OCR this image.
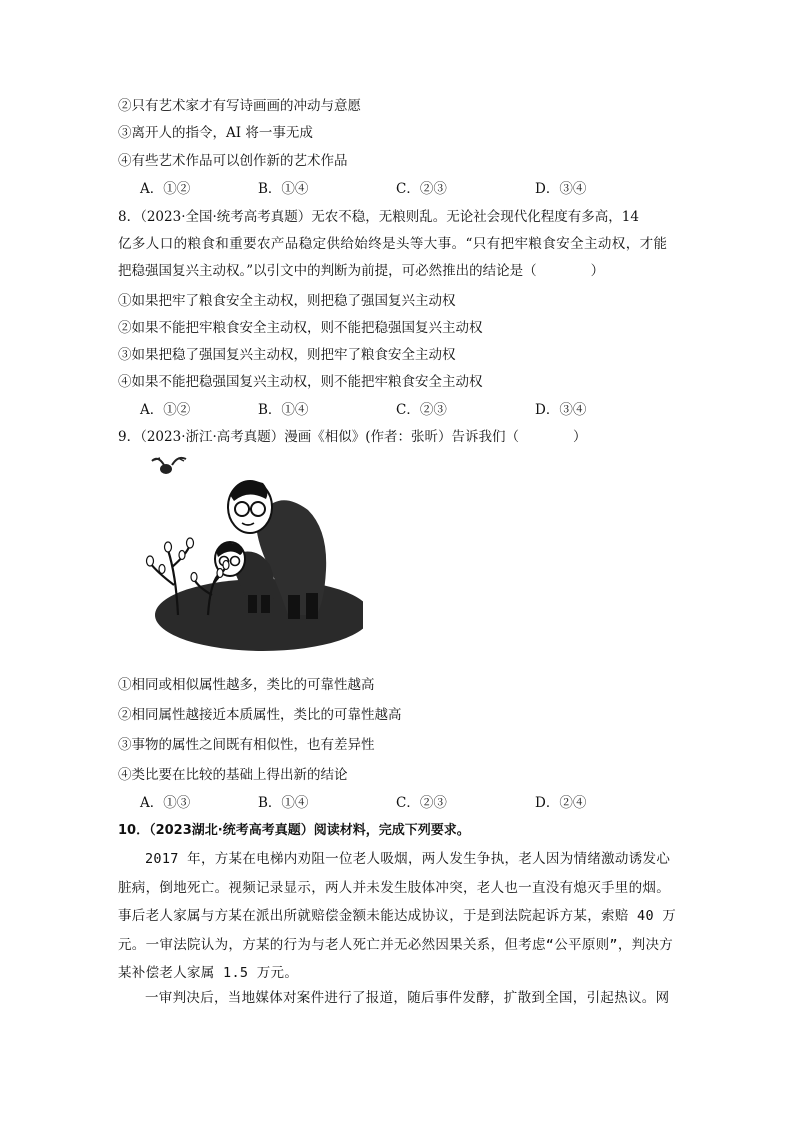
②只有艺术家才有写诗画画的冲动与意愿
③离开人的指令，AI 将一事无成
④有些艺术作品可以创作新的艺术作品
A．①②	B．①④	C．②③	D．③④
8．（2023·全国·统考高考真题）无农不稳，无粮则乱。无论社会现代化程度有多高，14
亿多人口的粮食和重要农产品稳定供给始终是头等大事。“只有把牢粮食安全主动权，才能
把稳强国复兴主动权。”以引文中的判断为前提，可必然推出的结论是（　　　　）
①如果把牢了粮食安全主动权，则把稳了强国复兴主动权
②如果不能把牢粮食安全主动权，则不能把稳强国复兴主动权
③如果把稳了强国复兴主动权，则把牢了粮食安全主动权
④如果不能把稳强国复兴主动权，则不能把牢粮食安全主动权
A．①②	B．①④	C．②③	D．③④
9．（2023·浙江·高考真题）漫画《相似》(作者：张昕）告诉我们（　　　　）
①相同或相似属性越多，类比的可靠性越高
②相同属性越接近本质属性，类比的可靠性越高
③事物的属性之间既有相似性，也有差异性
④类比要在比较的基础上得出新的结论
A．①③	B．①④	C．②③	D．②④
10．（2023湖北·统考高考真题）阅读材料，完成下列要求。
2017 年，方某在电梯内劝阻一位老人吸烟，两人发生争执，老人因为情绪激动诱发心脏病，倒地死亡。视频记录显示，两人并未发生肢体冲突，老人也一直没有熄灭手里的烟。事后老人家属与方某在派出所就赔偿金额未能达成协议，于是到法院起诉方某，索赔 40 万元。一审法院认为，方某的行为与老人死亡并无必然因果关系，但考虑“公平原则”，判决方某补偿老人家属 1.5 万元。
一审判决后，当地媒体对案件进行了报道，随后事件发酵，扩散到全国，引起热议。网
